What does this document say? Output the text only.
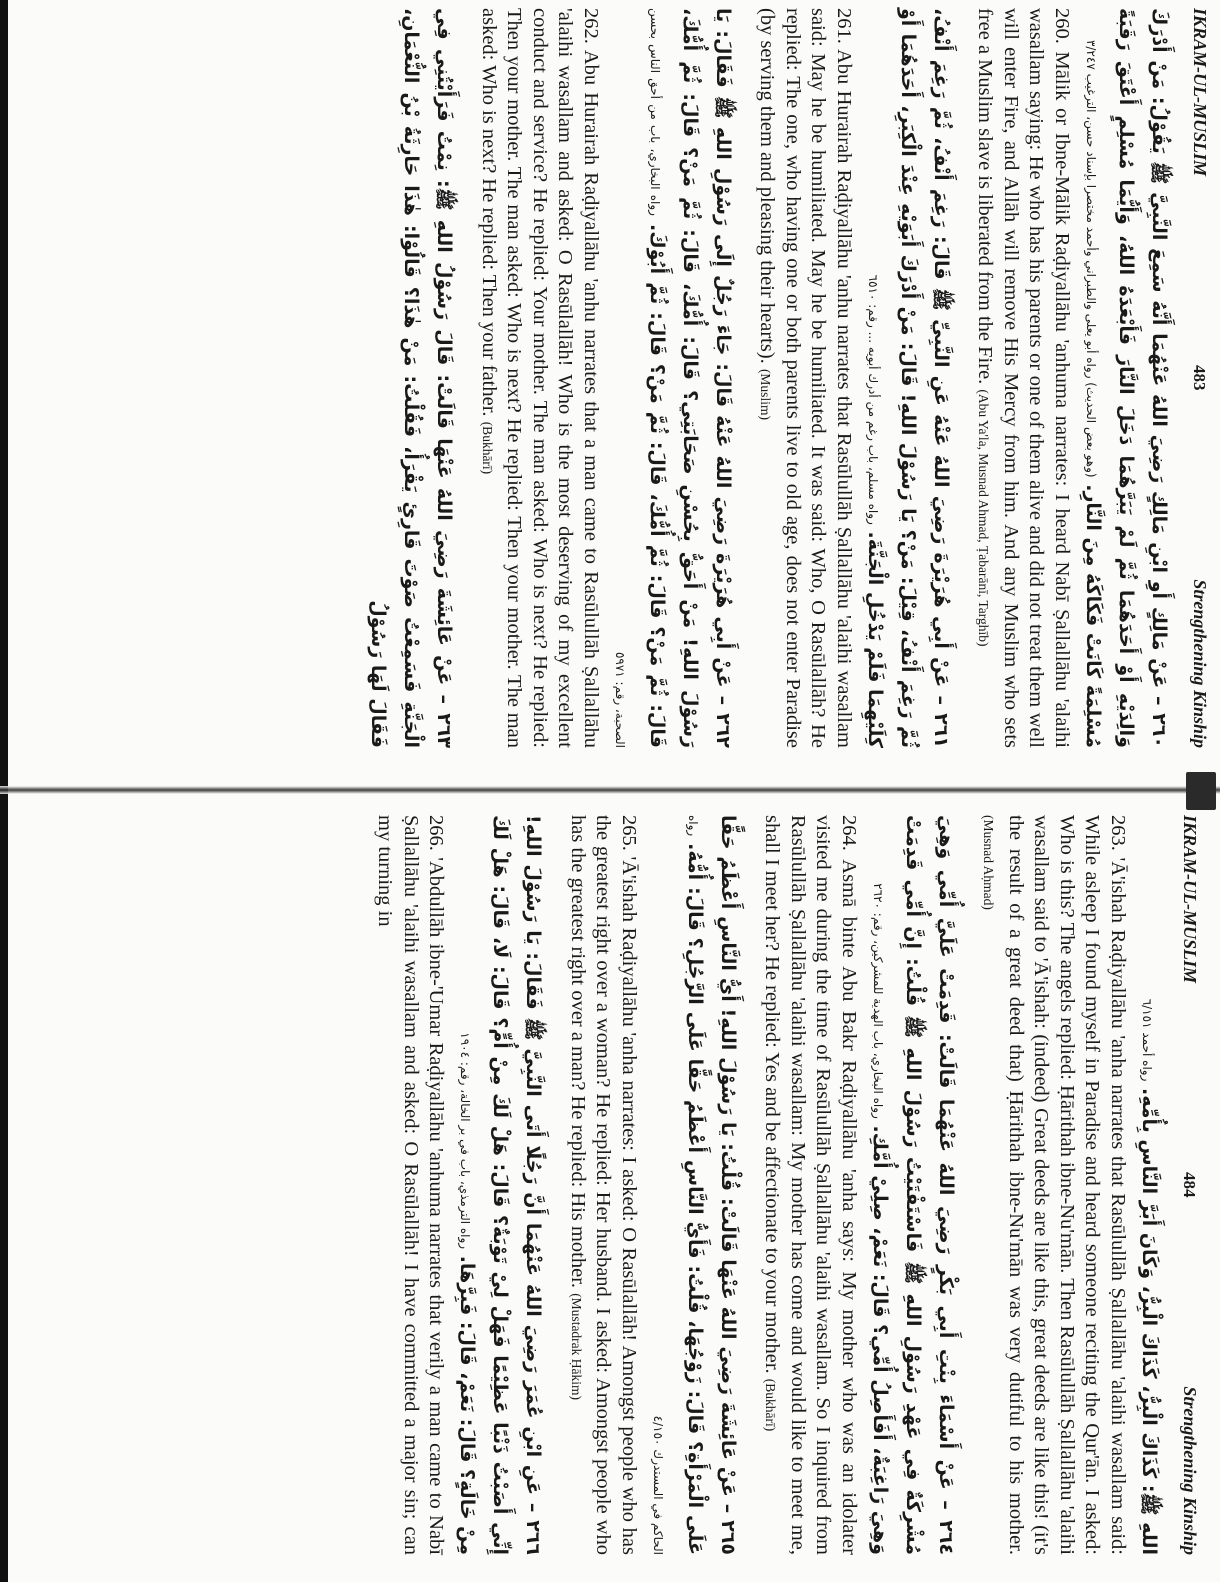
IKRAM-UL-MUSLIM
483
Strengthening Kinship
٢٦٠ – عَنْ مَالِكٍ أَوِ ابْنِ مَالِكٍ رَضِيَ اللهُ عَنْهُمَا أَنَّهُ سَمِعَ النَّبِيَّ ﷺ يَقُوْلُ: مَنْ أَدْرَكَ وَالِدَيْهِ أَوْ أَحَدَهُمَا ثُمَّ لَمْ يَبَرَّهُمَا دَخَلَ النَّارَ فَأَبْعَدَهُ اللهُ، وَأَيُّمَا مُسْلِمٍ أَعْتَقَ رَقَبَةً مُسْلِمَةً كَانَتْ فَكَاكَهُ مِنَ النَّارِ. (وهو بعض الحديث) رواه أبو يعلى والطبراني وأحمد مختصرا بإسناد حسن، الترغيب ٣/٢٤٧
260. Mālik or Ibne-Mālik Raḍiyallāhu 'anhuma narrates: I heard Nabī Ṣallallāhu 'alaihi wasallam saying: He who has his parents or one of them alive and did not treat them well will enter Fire, and Allāh will remove His Mercy from him. And any Muslim who sets free a Muslim slave is liberated from the Fire. (Abu Ya'la, Musnad Ahmad, Ṭabarānī, Targhīb)
٢٦١ – عَنْ أَبِي هُرَيْرَةَ رَضِيَ اللهُ عَنْهُ عَنِ النَّبِيِّ ﷺ قَالَ: رَغِمَ أَنْفُ، ثُمَّ رَغِمَ أَنْفُ، ثُمَّ رَغِمَ أَنْفُ، قِيْلَ: مَنْ؟ يَا رَسُوْلَ اللهِ! قَالَ: مَنْ أَدْرَكَ أَبَوَيْهِ عِنْدَ الْكِبَرِ، أَحَدَهُمَا أَوْ كِلَيْهِمَا فَلَمْ يَدْخُلِ الْجَنَّةَ. رواه مسلم، باب رغم من أدرك أبويه ... رقم: ٦٥١٠
261. Abu Hurairah Raḍiyallāhu 'anhu narrates that Rasūlullāh Ṣallallāhu 'alaihi wasallam said: May he be humiliated. May he be humiliated. It was said: Who, O Rasūlallāh? He replied: The one, who having one or both parents live to old age, does not enter Paradise (by serving them and pleasing their hearts). (Muslim)
٢٦٢ – عَنْ أَبِي هُرَيْرَةَ رَضِيَ اللهُ عَنْهُ قَالَ: جَاءَ رَجُلٌ إِلَى رَسُوْلِ اللهِ ﷺ فَقَالَ: يَا رَسُوْلَ اللهِ! مَنْ أَحَقُّ بِحُسْنِ صَحَابَتِي؟ قَالَ: أُمُّكَ، قَالَ: ثُمَّ مَنْ؟ قَالَ: ثُمَّ أُمُّكَ، قَالَ: ثُمَّ مَنْ؟ قَالَ: ثُمَّ أُمُّكَ، قَالَ: ثُمَّ مَنْ؟ قَالَ: ثُمَّ أَبُوْكَ. رواه البخاري، باب من أحق الناس بحسن الصحبة، رقم: ٥٩٧١
262. Abu Hurairah Raḍiyallāhu 'anhu narrates that a man came to Rasūlullāh Ṣallallāhu 'alaihi wasallam and asked: O Rasūlallāh! Who is the most deserving of my excellent conduct and service? He replied: Your mother. The man asked: Who is next? He replied: Then your mother. The man asked: Who is next? He replied: Then your mother. The man asked: Who is next? He replied: Then your father. (Bukhārī)
٢٦٣ – عَنْ عَائِشَةَ رَضِيَ اللهُ عَنْهَا قَالَتْ: قَالَ رَسُوْلُ اللهِ ﷺ: نِمْتُ فَرَأَيْتُنِي فِي الْجَنَّةِ فَسَمِعْتُ صَوْتَ قَارِئٍ يَقْرَأُ، فَقُلْتُ: مَنْ هٰذَا؟ قَالُوْا: هٰذَا حَارِثَةُ بْنُ النُّعْمَانِ، فَقَالَ لَهَا رَسُوْلُ
IKRAM-UL-MUSLIM
484
Strengthening Kinship
اللهِ ﷺ: كَذَاكَ الْبِرُّ، كَذَاكَ الْبِرُّ، وَكَانَ أَبَرَّ النَّاسِ بِأُمِّهِ. رواه أحمد ٦/١٥١
263. 'Ā'ishah Raḍiyallāhu 'anha narrates that Rasūlullāh Ṣallallāhu 'alaihi wasallam said: While asleep I found myself in Paradise and heard someone reciting the Qur'ān. I asked: Who is this? The angels replied: Ḥārithah ibne-Nu'mān. Then Rasūlullāh Ṣallallāhu 'alaihi wasallam said to 'Ā'ishah: (indeed) Great deeds are like this, great deeds are like this! (it's the result of a great deed that) Ḥārithah ibne-Nu'mān was very dutiful to his mother. (Musnad Aḥmad)
٢٦٤ – عَنْ أَسْمَاءَ بِنْتِ أَبِي بَكْرٍ رَضِيَ اللهُ عَنْهُمَا قَالَتْ: قَدِمَتْ عَلَيَّ أُمِّي وَهِيَ مُشْرِكَةٌ فِي عَهْدِ رَسُوْلِ اللهِ ﷺ فَاسْتَفْتَيْتُ رَسُوْلَ اللهِ ﷺ قُلْتُ: إِنَّ أُمِّي قَدِمَتْ وَهِيَ رَاغِبَةٌ، أَفَأَصِلُ أُمِّي؟ قَالَ: نَعَمْ، صِلِيْ أُمَّكِ. رواه البخاري، باب الهدية للمشركين، رقم: ٢٦٢٠
264. Asmā binte Abu Bakr Raḍiyallāhu 'anha says: My mother who was an idolater visited me during the time of Rasūlullāh Ṣallallāhu 'alaihi wasallam. So I inquired from Rasūlullāh Ṣallallāhu 'alaihi wasallam: My mother has come and would like to meet me, shall I meet her? He replied: Yes and be affectionate to your mother. (Bukhārī)
٢٦٥ – عَنْ عَائِشَةَ رَضِيَ اللهُ عَنْهَا قَالَتْ: قُلْتُ: يَا رَسُوْلَ اللهِ! أَيُّ النَّاسِ أَعْظَمُ حَقًّا عَلَى الْمَرْأَةِ؟ قَالَ: زَوْجُهَا، قُلْتُ: فَأَيُّ النَّاسِ أَعْظَمُ حَقًّا عَلَى الرَّجُلِ؟ قَالَ: أُمُّهُ. رواه الحاكم في المستدرك ٤/١٥٠
265. 'Ā'ishah Raḍiyallāhu 'anha narrates: I asked: O Rasūlallāh! Amongst people who has the greatest right over a woman? He replied: Her husband. I asked: Amongst people who has the greatest right over a man? He replied: His mother. (Mustadrak Ḥākim)
٢٦٦ – عَنِ ابْنِ عُمَرَ رَضِيَ اللهُ عَنْهُمَا أَنَّ رَجُلًا أَتَى النَّبِيَّ ﷺ فَقَالَ: يَا رَسُوْلَ اللهِ! إِنِّي أَصَبْتُ ذَنْبًا عَظِيْمًا فَهَلْ لِيْ تَوْبَةٌ؟ قَالَ: هَلْ لَكَ مِنْ أُمٍّ؟ قَالَ: لَا، قَالَ: هَلْ لَكَ مِنْ خَالَةٍ؟ قَالَ: نَعَمْ، قَالَ: فَبِرَّهَا. رواه الترمذي، باب في بر الخالة، رقم: ١٩٠٤
266. 'Abdullāh ibne-'Umar Raḍiyallāhu 'anhuma narrates that verily a man came to Nabī Ṣallallāhu 'alaihi wasallam and asked: O Rasūlallāh! I have committed a major sin; can my turning in
